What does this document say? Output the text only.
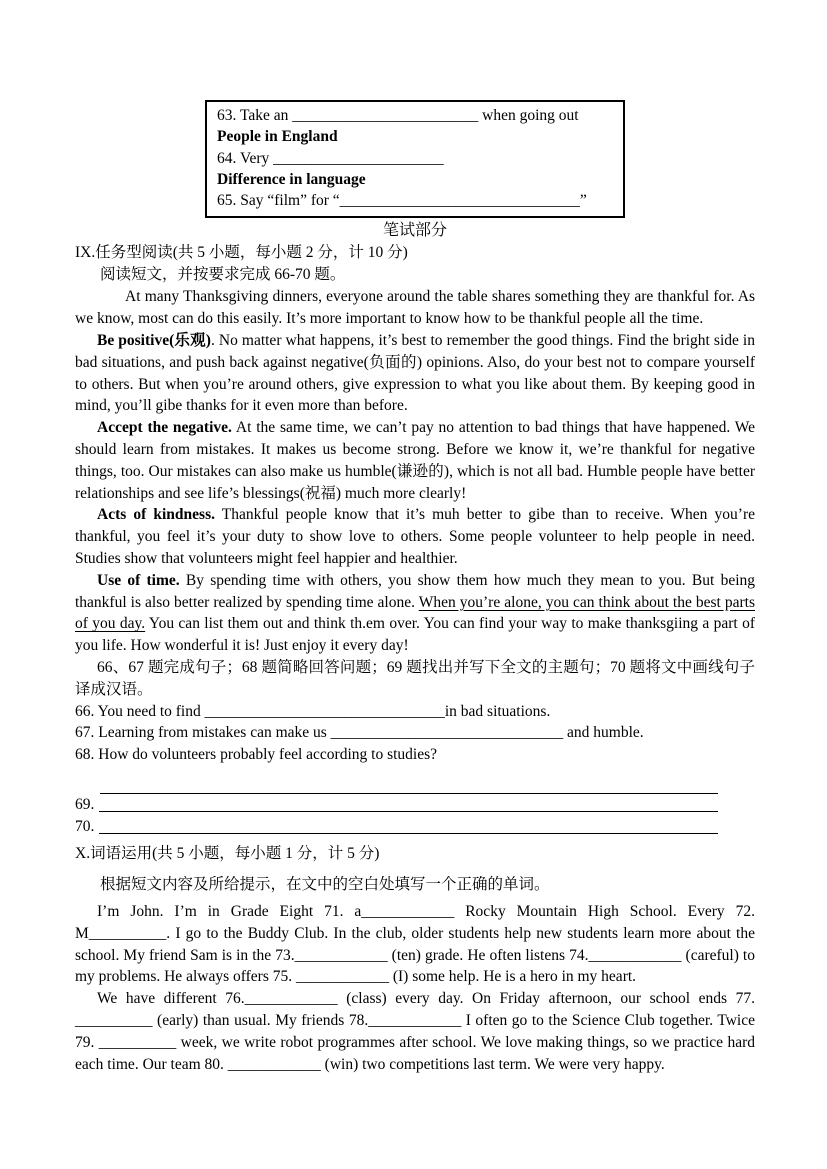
63. Take an ________________________ when going out
People in England
64. Very ______________________
Difference in language
65. Say “film” for “_______________________________”
笔试部分
IX.任务型阅读(共 5 小题，每小题 2 分，计 10 分)
阅读短文，并按要求完成 66-70 题。

At many Thanksgiving dinners, everyone around the table shares something they are thankful for. As we know, most can do this easily. It’s more important to know how to be thankful people all the time.

Be positive(乐观). No matter what happens, it’s best to remember the good things. Find the bright side in bad situations, and push back against negative(负面的) opinions. Also, do your best not to compare yourself to others. But when you’re around others, give expression to what you like about them. By keeping good in mind, you’ll gibe thanks for it even more than before.

Accept the negative. At the same time, we can’t pay no attention to bad things that have happened. We should learn from mistakes. It makes us become strong. Before we know it, we’re thankful for negative things, too. Our mistakes can also make us humble(谦逊的), which is not all bad. Humble people have better relationships and see life’s blessings(祝福) much more clearly!

Acts of kindness. Thankful people know that it’s muh better to gibe than to receive. When you’re thankful, you feel it’s your duty to show love to others. Some people volunteer to help people in need. Studies show that volunteers might feel happier and healthier.

Use of time. By spending time with others, you show them how much they mean to you. But being thankful is also better realized by spending time alone. When you’re alone, you can think about the best parts of you day. You can list them out and think th.em over. You can find your way to make thanksgiing a part of you life. How wonderful it is! Just enjoy it every day!

66、67 题完成句子；68 题简略回答问题；69 题找出并写下全文的主题句；70 题将文中画线句子译成汉语。

66. You need to find _______________________________in bad situations.
67. Learning from mistakes can make us ______________________________ and humble.
68. How do volunteers probably feel according to studies?
69.
70.
X.词语运用(共 5 小题，每小题 1 分，计 5 分)
根据短文内容及所给提示，在文中的空白处填写一个正确的单词。

I’m John. I’m in Grade Eight 71. a____________ Rocky Mountain High School. Every 72. M__________. I go to the Buddy Club. In the club, older students help new students learn more about the school. My friend Sam is in the 73.____________ (ten) grade. He often listens 74.____________ (careful) to my problems. He always offers 75. ____________ (I) some help. He is a hero in my heart.

We have different 76.____________ (class) every day. On Friday afternoon, our school ends 77. __________ (early) than usual. My friends 78.____________ I often go to the Science Club together. Twice 79. __________ week, we write robot programmes after school. We love making things, so we practice hard each time. Our team 80. ____________ (win) two competitions last term. We were very happy.
